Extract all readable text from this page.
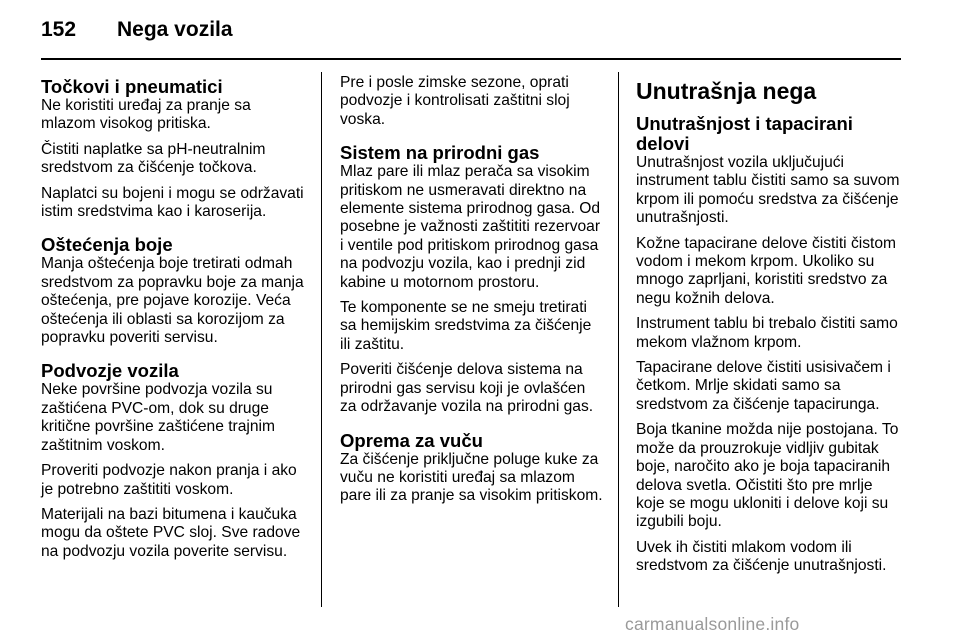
152	Nega vozila
Točkovi i pneumatici

Ne koristiti uređaj za pranje sa mlazom visokog pritiska.

Čistiti naplatke sa pH-neutralnim sredstvom za čišćenje točkova.

Naplatci su bojeni i mogu se održavati istim sredstvima kao i karoserija.

Oštećenja boje

Manja oštećenja boje tretirati odmah sredstvom za popravku boje za manja oštećenja, pre pojave korozije. Veća oštećenja ili oblasti sa korozijom za popravku poveriti servisu.

Podvozje vozila

Neke površine podvozja vozila su zaštićena PVC-om, dok su druge kritične površine zaštićene trajnim zaštitnim voskom.

Proveriti podvozje nakon pranja i ako je potrebno zaštititi voskom.

Materijali na bazi bitumena i kaučuka mogu da oštete PVC sloj. Sve radove na podvozju vozila poverite servisu.

Pre i posle zimske sezone, oprati podvozje i kontrolisati zaštitni sloj voska.

Sistem na prirodni gas

Mlaz pare ili mlaz perača sa visokim pritiskom ne usmeravati direktno na elemente sistema prirodnog gasa. Od posebne je važnosti zaštititi rezervoar i ventile pod pritiskom prirodnog gasa na podvozju vozila, kao i prednji zid kabine u motornom prostoru.

Te komponente se ne smeju tretirati sa hemijskim sredstvima za čišćenje ili zaštitu.

Poveriti čišćenje delova sistema na prirodni gas servisu koji je ovlašćen za održavanje vozila na prirodni gas.

Oprema za vuču

Za čišćenje priključne poluge kuke za vuču ne koristiti uređaj sa mlazom pare ili za pranje sa visokim pritiskom.

Unutrašnja nega
Unutrašnjost i tapacirani delovi

Unutrašnjost vozila uključujući instrument tablu čistiti samo sa suvom krpom ili pomoću sredstva za čišćenje unutrašnjosti.

Kožne tapacirane delove čistiti čistom vodom i mekom krpom. Ukoliko su mnogo zaprljani, koristiti sredstvo za negu kožnih delova.

Instrument tablu bi trebalo čistiti samo mekom vlažnom krpom.

Tapacirane delove čistiti usisivačem i četkom. Mrlje skidati samo sa sredstvom za čišćenje tapacirunga.

Boja tkanine možda nije postojana. To može da prouzrokuje vidljiv gubitak boje, naročito ako je boja tapaciranih delova svetla. Očistiti što pre mrlje koje se mogu ukloniti i delove koji su izgubili boju.

Uvek ih čistiti mlakom vodom ili sredstvom za čišćenje unutrašnjosti.

carmanualsonline.info
